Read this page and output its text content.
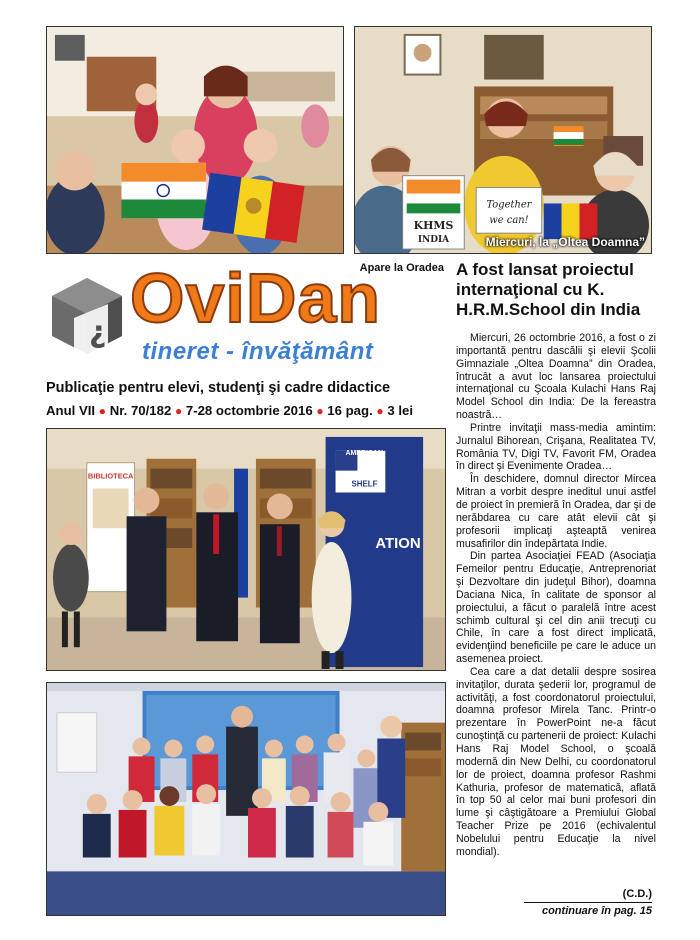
KHMS
INDIA
Together
we can!
Miercuri, la „Oltea Doamna”
Apare la Oradea
¿ OviDan
tineret - învăţământ
Publicaţie pentru elevi, studenţi şi cadre didactice
Anul VII ● Nr. 70/182 ● 7-28 octombrie 2016 ● 16 pag. ● 3 lei
BIBLIOTECA
AMERICAN
SHELF
ATION
A fost lansat proiectul internaţional cu K. H.R.M.School din India

Miercuri, 26 octombrie 2016, a fost o zi importantă pentru dascălii şi elevii Şcolii Gimnaziale „Oltea Doamna” din Oradea, întrucât a avut loc lansarea proiectului internaţional cu Şcoala Kulachi Hans Raj Model School din India: De la fereastra noastră…

Printre invitaţii mass-media amintim: Jurnalul Bihorean, Crişana, Realitatea TV, România TV, Digi TV, Favorit FM, Oradea în direct şi Evenimente Oradea…

În deschidere, domnul director Mircea Mitran a vorbit despre ineditul unui astfel de proiect în premieră în Oradea, dar şi de nerăbdarea cu care atât elevii cât şi profesorii implicaţi aşteaptă venirea musafirilor din îndepărtata Indie.

Din partea Asociaţiei FEAD (Asociaţia Femeilor pentru Educaţie, Antreprenoriat şi Dezvoltare din judeţul Bihor), doamna Daciana Nica, în calitate de sponsor al proiectului, a făcut o paralelă între acest schimb cultural şi cel din anii trecuţi cu Chile, în care a fost direct implicată, evidenţiind beneficiile pe care le aduce un asemenea proiect.

Cea care a dat detalii despre sosirea invitaţilor, durata şederii lor, programul de activităţi, a fost coordonatorul proiectului, doamna profesor Mirela Tanc. Printr-o prezentare în PowerPoint ne-a făcut cunoştinţă cu partenerii de proiect: Kulachi Hans Raj Model School, o şcoală modernă din New Delhi, cu coordonatorul lor de proiect, doamna profesor Rashmi Kathuria, profesor de matematică, aflată în top 50 al celor mai buni profesori din lume şi câştigătoare a Premiului Global Teacher Prize pe 2016 (echivalentul Nobelului pentru Educaţie la nivel mondial).

(C.D.)
continuare în pag. 15
